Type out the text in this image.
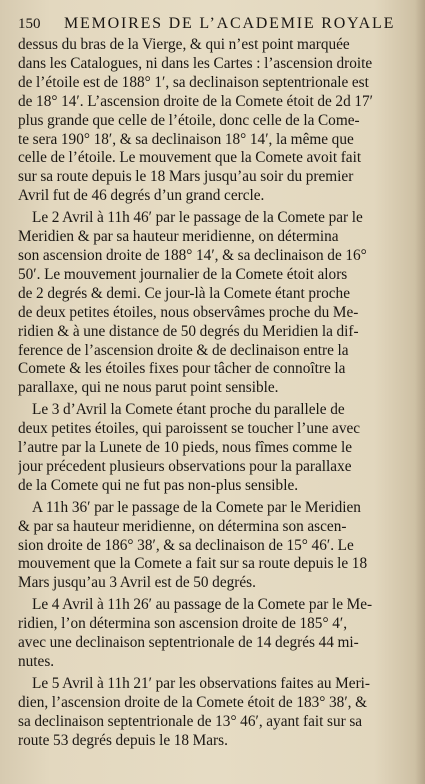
150 MEMOIRES DE L’ACADEMIE ROYALE
dessus du bras de la Vierge, & qui n’est point marquée
dans les Catalogues, ni dans les Cartes : l’ascension droite
de l’étoile est de 188° 1′, sa declinaison septentrionale est
de 18° 14′. L’ascension droite de la Comete étoit de 2d 17′
plus grande que celle de l’étoile, donc celle de la Come-
te sera 190° 18′, & sa declinaison 18° 14′, la même que
celle de l’étoile. Le mouvement que la Comete avoit fait
sur sa route depuis le 18 Mars jusqu’au soir du premier
Avril fut de 46 degrés d’un grand cercle.
Le 2 Avril à 11h 46′ par le passage de la Comete par le
Meridien & par sa hauteur meridienne, on détermina
son ascension droite de 188° 14′, & sa declinaison de 16°
50′. Le mouvement journalier de la Comete étoit alors
de 2 degrés & demi. Ce jour-là la Comete étant proche
de deux petites étoiles, nous observâmes proche du Me-
ridien & à une distance de 50 degrés du Meridien la dif-
ference de l’ascension droite & de declinaison entre la
Comete & les étoiles fixes pour tâcher de connoître la
parallaxe, qui ne nous parut point sensible.
Le 3 d’Avril la Comete étant proche du parallele de
deux petites étoiles, qui paroissent se toucher l’une avec
l’autre par la Lunete de 10 pieds, nous fîmes comme le
jour précedent plusieurs observations pour la parallaxe
de la Comete qui ne fut pas non-plus sensible.
A 11h 36′ par le passage de la Comete par le Meridien
& par sa hauteur meridienne, on détermina son ascen-
sion droite de 186° 38′, & sa declinaison de 15° 46′. Le
mouvement que la Comete a fait sur sa route depuis le 18
Mars jusqu’au 3 Avril est de 50 degrés.
Le 4 Avril à 11h 26′ au passage de la Comete par le Me-
ridien, l’on détermina son ascension droite de 185° 4′,
avec une declinaison septentrionale de 14 degrés 44 mi-
nutes.
Le 5 Avril à 11h 21′ par les observations faites au Meri-
dien, l’ascension droite de la Comete étoit de 183° 38′, &
sa declinaison septentrionale de 13° 46′, ayant fait sur sa
route 53 degrés depuis le 18 Mars.
